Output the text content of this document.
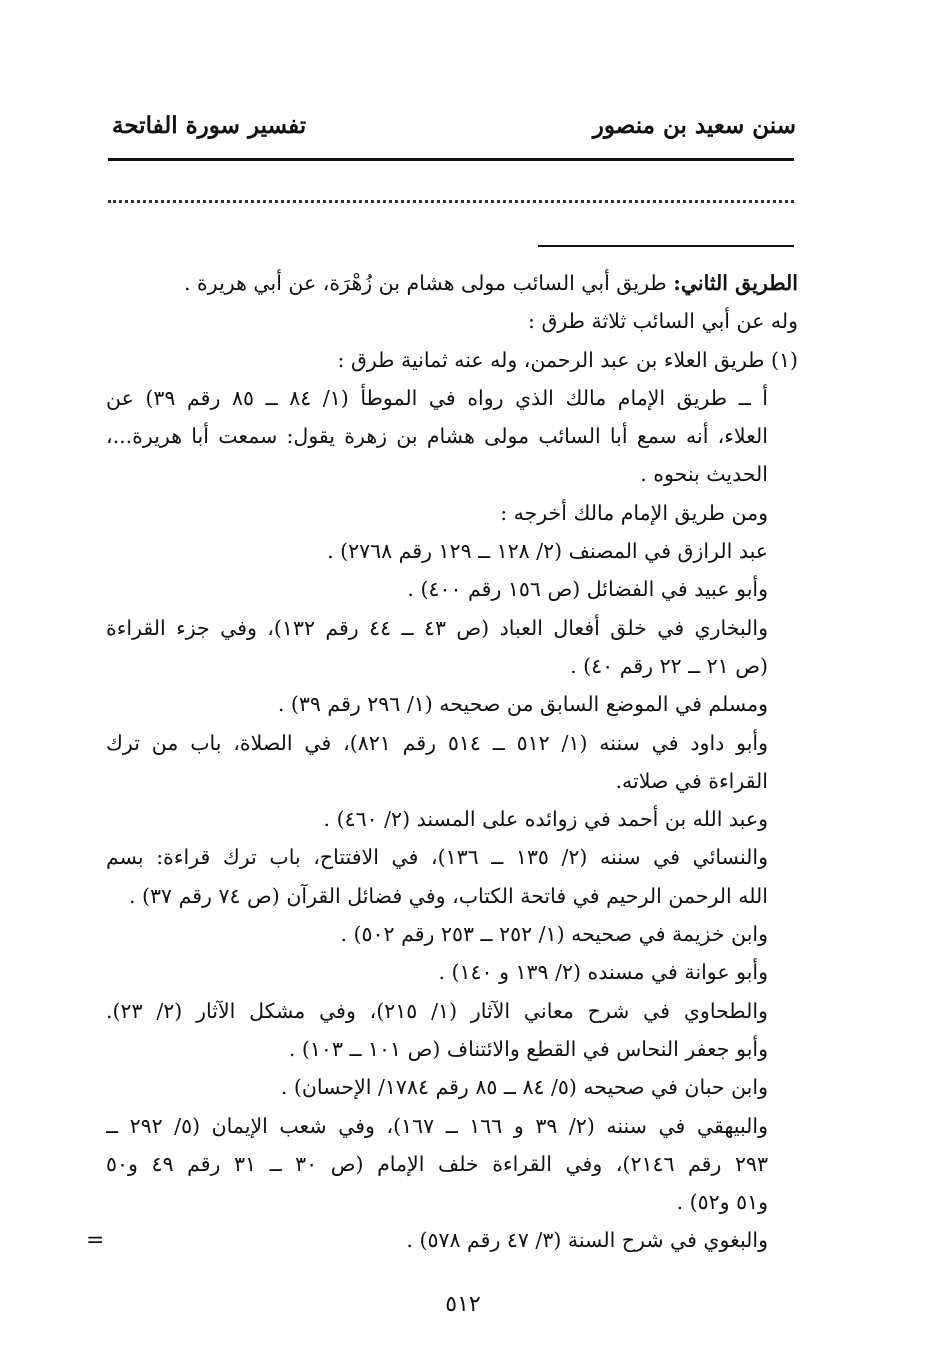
سنن سعيد بن منصور
تفسير سورة الفاتحة
الطريق الثاني: طريق أبي السائب مولى هشام بن زُهْرَة، عن أبي هريرة .
وله عن أبي السائب ثلاثة طرق :
(١) طريق العلاء بن عبد الرحمن، وله عنه ثمانية طرق :
أ ــ طريق الإمام مالك الذي رواه في الموطأ (١/ ٨٤ ــ ٨٥ رقم ٣٩) عن
العلاء، أنه سمع أبا السائب مولى هشام بن زهرة يقول: سمعت أبا هريرة...،
الحديث بنحوه .
ومن طريق الإمام مالك أخرجه :
عبد الرازق في المصنف (٢/ ١٢٨ ــ ١٢٩ رقم ٢٧٦٨) .
وأبو عبيد في الفضائل (ص ١٥٦ رقم ٤٠٠) .
والبخاري في خلق أفعال العباد (ص ٤٣ ــ ٤٤ رقم ١٣٢)، وفي جزء القراءة
(ص ٢١ ــ ٢٢ رقم ٤٠) .
ومسلم في الموضع السابق من صحيحه (١/ ٢٩٦ رقم ٣٩) .
وأبو داود في سننه (١/ ٥١٢ ــ ٥١٤ رقم ٨٢١)، في الصلاة، باب من ترك
القراءة في صلاته.
وعبد الله بن أحمد في زوائده على المسند (٢/ ٤٦٠) .
والنسائي في سننه (٢/ ١٣٥ ــ ١٣٦)، في الافتتاح، باب ترك قراءة: بسم
الله الرحمن الرحيم في فاتحة الكتاب، وفي فضائل القرآن (ص ٧٤ رقم ٣٧) .
وابن خزيمة في صحيحه (١/ ٢٥٢ ــ ٢٥٣ رقم ٥٠٢) .
وأبو عوانة في مسنده (٢/ ١٣٩ و ١٤٠) .
والطحاوي في شرح معاني الآثار (١/ ٢١٥)، وفي مشكل الآثار (٢/ ٢٣).
وأبو جعفر النحاس في القطع والائتناف (ص ١٠١ ــ ١٠٣) .
وابن حبان في صحيحه (٥/ ٨٤ ــ ٨٥ رقم ١٧٨٤/ الإحسان) .
والبيهقي في سننه (٢/ ٣٩ و ١٦٦ ــ ١٦٧)، وفي شعب الإيمان (٥/ ٢٩٢ ــ
٢٩٣ رقم ٢١٤٦)، وفي القراءة خلف الإمام (ص ٣٠ ــ ٣١ رقم ٤٩ و٥٠
و٥١ و٥٢) .
والبغوي في شرح السنة (٣/ ٤٧ رقم ٥٧٨) .
=
٥١٢
